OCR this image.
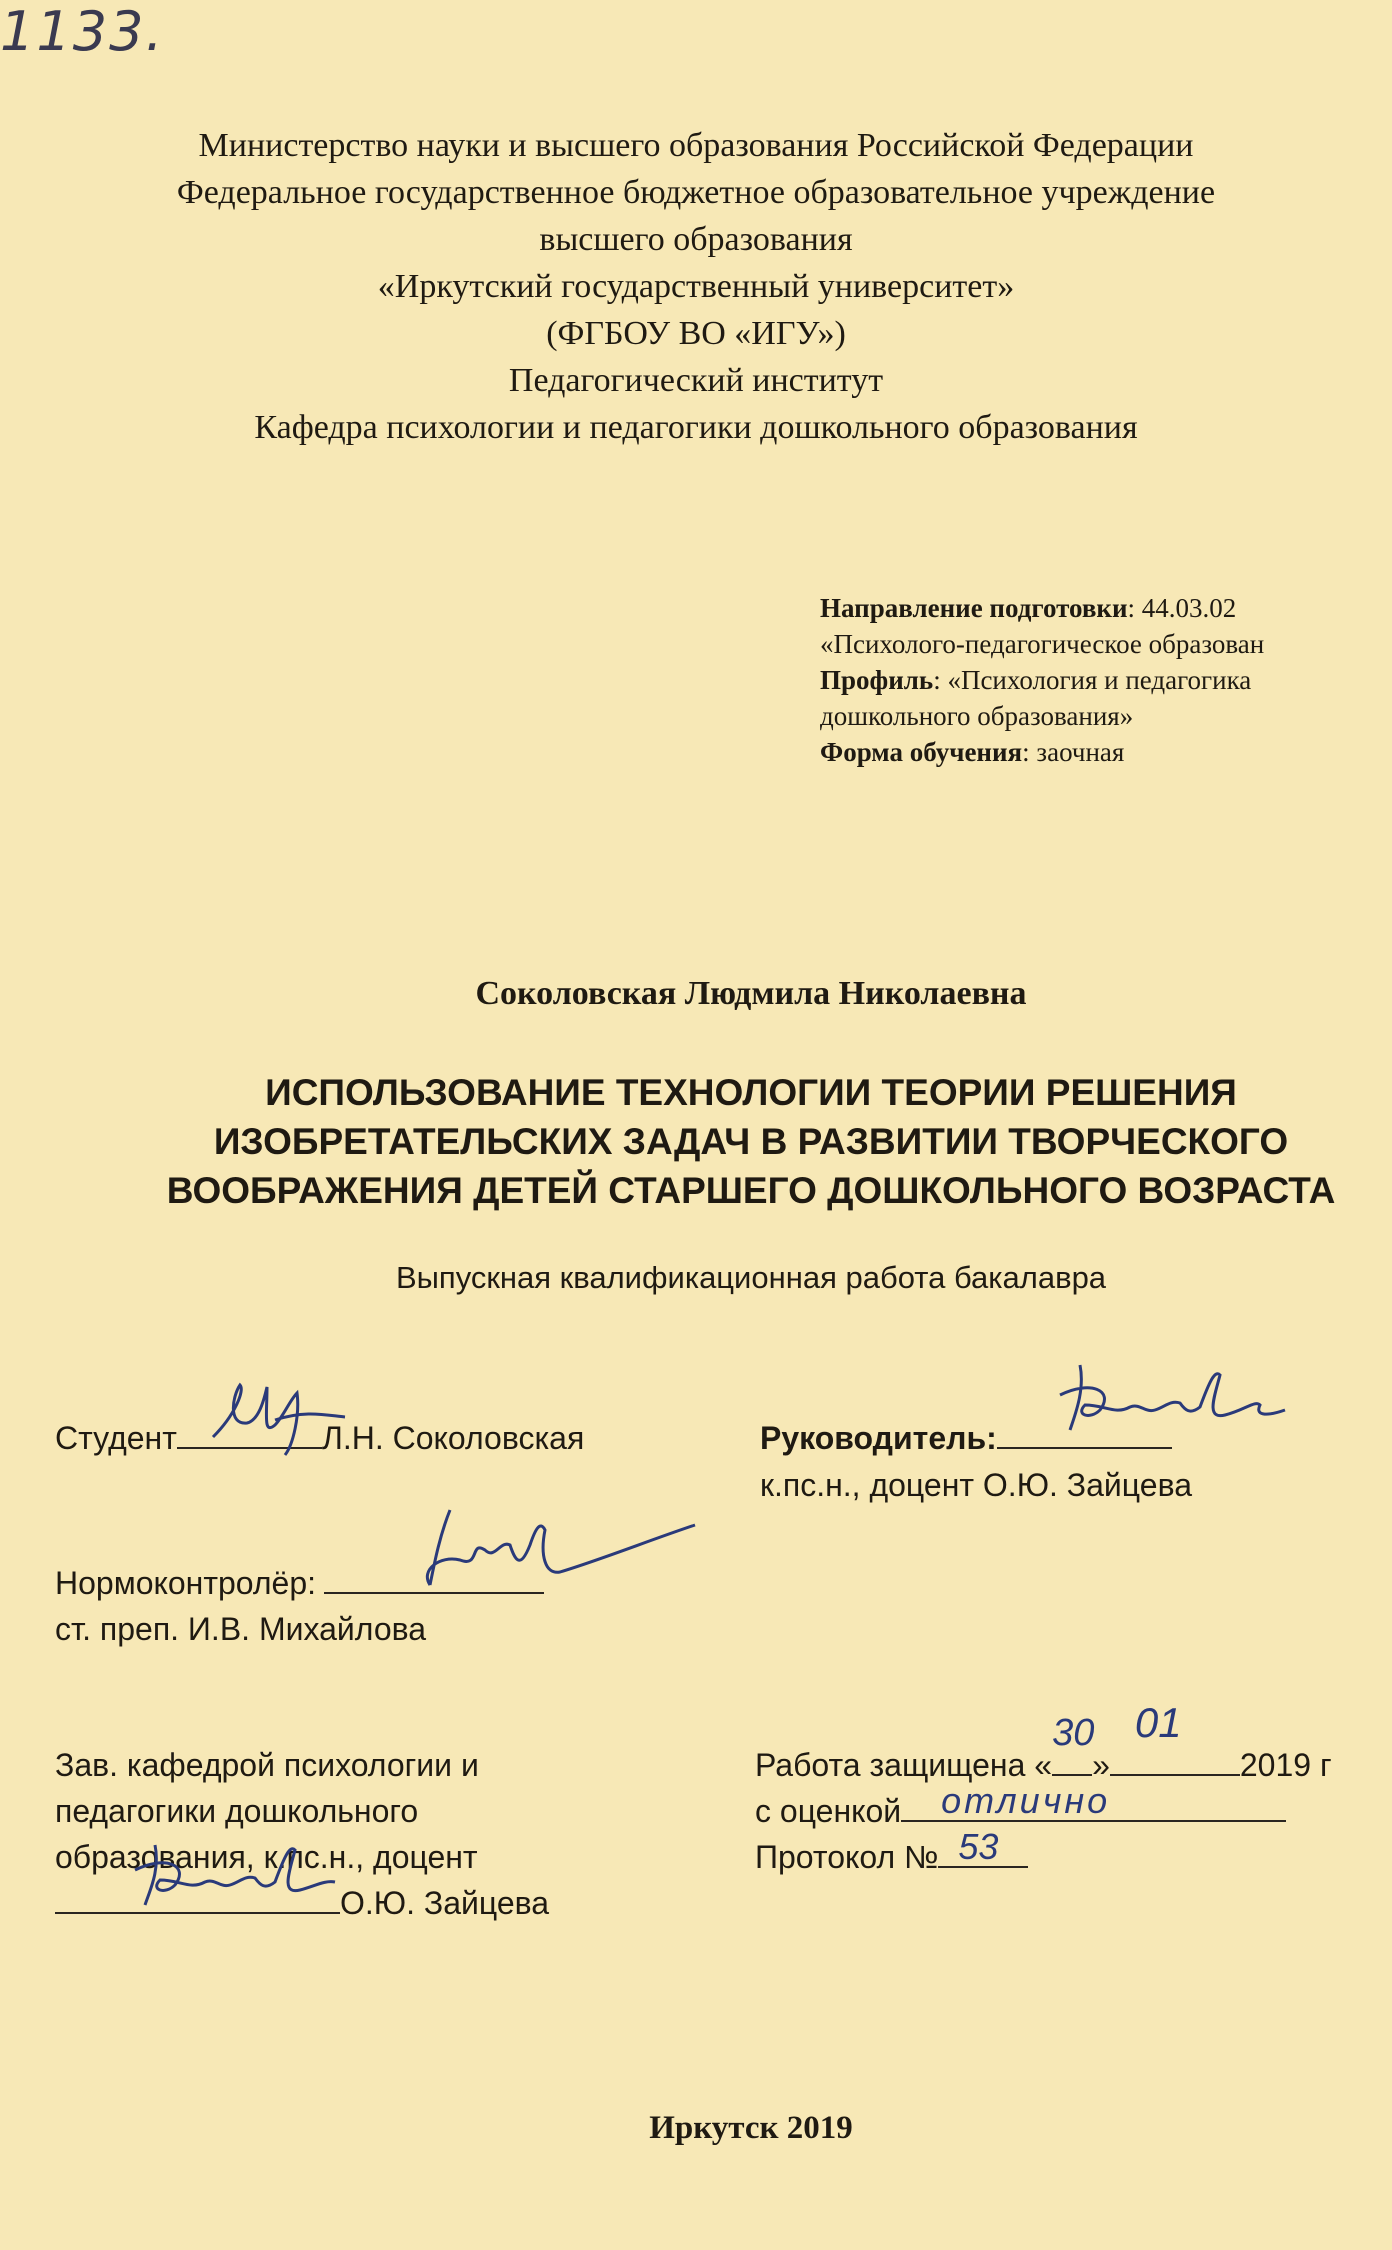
1133.
Министерство науки и высшего образования Российской Федерации
Федеральное государственное бюджетное образовательное учреждение
высшего образования
«Иркутский государственный университет»
(ФГБОУ ВО «ИГУ»)
Педагогический институт
Кафедра психологии и педагогики дошкольного образования
Направление подготовки: 44.03.02
«Психолого-педагогическое образован
Профиль: «Психология и педагогика
дошкольного образования»
Форма обучения: заочная
Соколовская Людмила Николаевна
ИСПОЛЬЗОВАНИЕ ТЕХНОЛОГИИ ТЕОРИИ РЕШЕНИЯ
ИЗОБРЕТАТЕЛЬСКИХ ЗАДАЧ В РАЗВИТИИ ТВОРЧЕСКОГО
ВООБРАЖЕНИЯ ДЕТЕЙ СТАРШЕГО ДОШКОЛЬНОГО ВОЗРАСТА
Выпускная квалификационная работа бакалавра
Студент	Л.Н. Соколовская	Руководитель:
к.пс.н., доцент О.Ю. Зайцева
Нормоконтролёр:
ст. преп. И.В. Михайлова
Зав. кафедрой психологии и
педагогики дошкольного
образования, к.пс.н., доцент
О.Ю. Зайцева
Работа защищена «
30
»
01
2019 г
с оценкой отлично
Протокол № 53
Иркутск 2019
